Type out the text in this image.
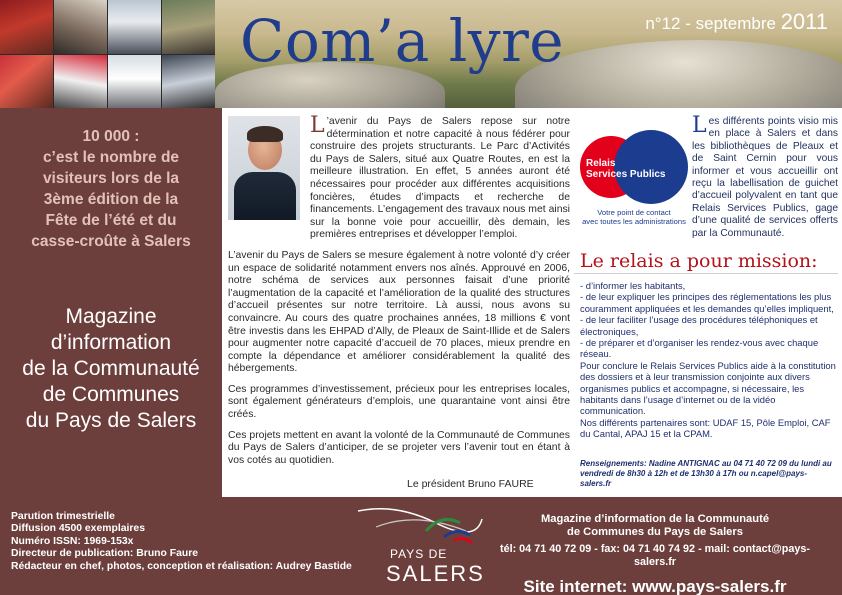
Com’a lyre	n°12 - septembre 2011
10 000 :
c’est le nombre de
visiteurs lors de la
3ème édition de la
Fête de l’été et du
casse-croûte à Salers
Magazine
d’information
de la Communauté
de Communes
du Pays de Salers

L ’avenir du Pays de Salers repose sur notre détermination et notre capacité à nous fédérer pour construire des projets structurants. Le Parc d’Activités du Pays de Salers, situé aux Quatre Routes, en est la meilleure illustration. En effet, 5 années auront été nécessaires pour procéder aux différentes acquisitions foncières, études d’impacts et recherche de financements. L’engagement des travaux nous met ainsi sur la bonne voie pour accueillir, dès demain, les premières entreprises et développer l’emploi.

L’avenir du Pays de Salers se mesure également à notre volonté d’y créer un espace de solidarité notamment envers nos aînés. Approuvé en 2006, notre schéma de services aux personnes faisait d’une priorité l’augmentation de la capacité et l’amélioration de la qualité des structures d’accueil présentes sur notre territoire. Là aussi, nous avons su convaincre. Au cours des quatre prochaines années, 18 millions € vont être investis dans les EHPAD d’Ally, de Pleaux de Saint-Illide et de Salers pour augmenter notre capacité d’accueil de 70 places, mieux prendre en compte la dépendance et améliorer considérablement la qualité des hébergements.

Ces programmes d’investissement, précieux pour les entreprises locales, sont également générateurs d’emplois, une quarantaine vont ainsi être créés.

Ces projets mettent en avant la volonté de la Communauté de Communes du Pays de Salers d’anticiper, de se projeter vers l’avenir tout en étant à vos cotés au quotidien.

Le président Bruno FAURE
Relais
Services Publics
Votre point de contact
avec toutes les administrations
Les différents points visio mis en place à Salers et dans les bibliothèques de Pleaux et de Saint Cernin pour vous informer et vous accueillir ont reçu la labellisation de guichet d’accueil polyvalent en tant que Relais Services Publics, gage d’une qualité de services offerts par la Communauté.
Le relais a pour mission:
- d’informer les habitants,
- de leur expliquer les principes des réglementations les plus couramment appliquées et les demandes qu’elles impliquent,
- de leur faciliter l’usage des procédures téléphoniques et électroniques,
- de préparer et d’organiser les rendez-vous avec chaque réseau.
Pour conclure le Relais Services Publics aide à la constitution des dossiers et à leur transmission conjointe aux divers organismes publics et accompagne, si nécessaire, les habitants dans l’usage d’internet ou de la vidéo communication.
Nos différents partenaires sont: UDAF 15, Pôle Emploi, CAF du Cantal, APAJ 15 et la CPAM.
Renseignements: Nadine ANTIGNAC au 04 71 40 72 09 du lundi au vendredi de 8h30 à 12h et de 13h30 à 17h ou n.capel@pays-salers.fr
Parution trimestrielle
Diffusion 4500 exemplaires
Numéro ISSN: 1969-153x
Directeur de publication: Bruno Faure
Rédacteur en chef, photos, conception et réalisation: Audrey Bastide
PAYS DE
SALERS
Magazine d’information de la Communauté
de Communes du Pays de Salers
tél: 04 71 40 72 09 - fax: 04 71 40 74 92 - mail: contact@pays-salers.fr
Site internet: www.pays-salers.fr
